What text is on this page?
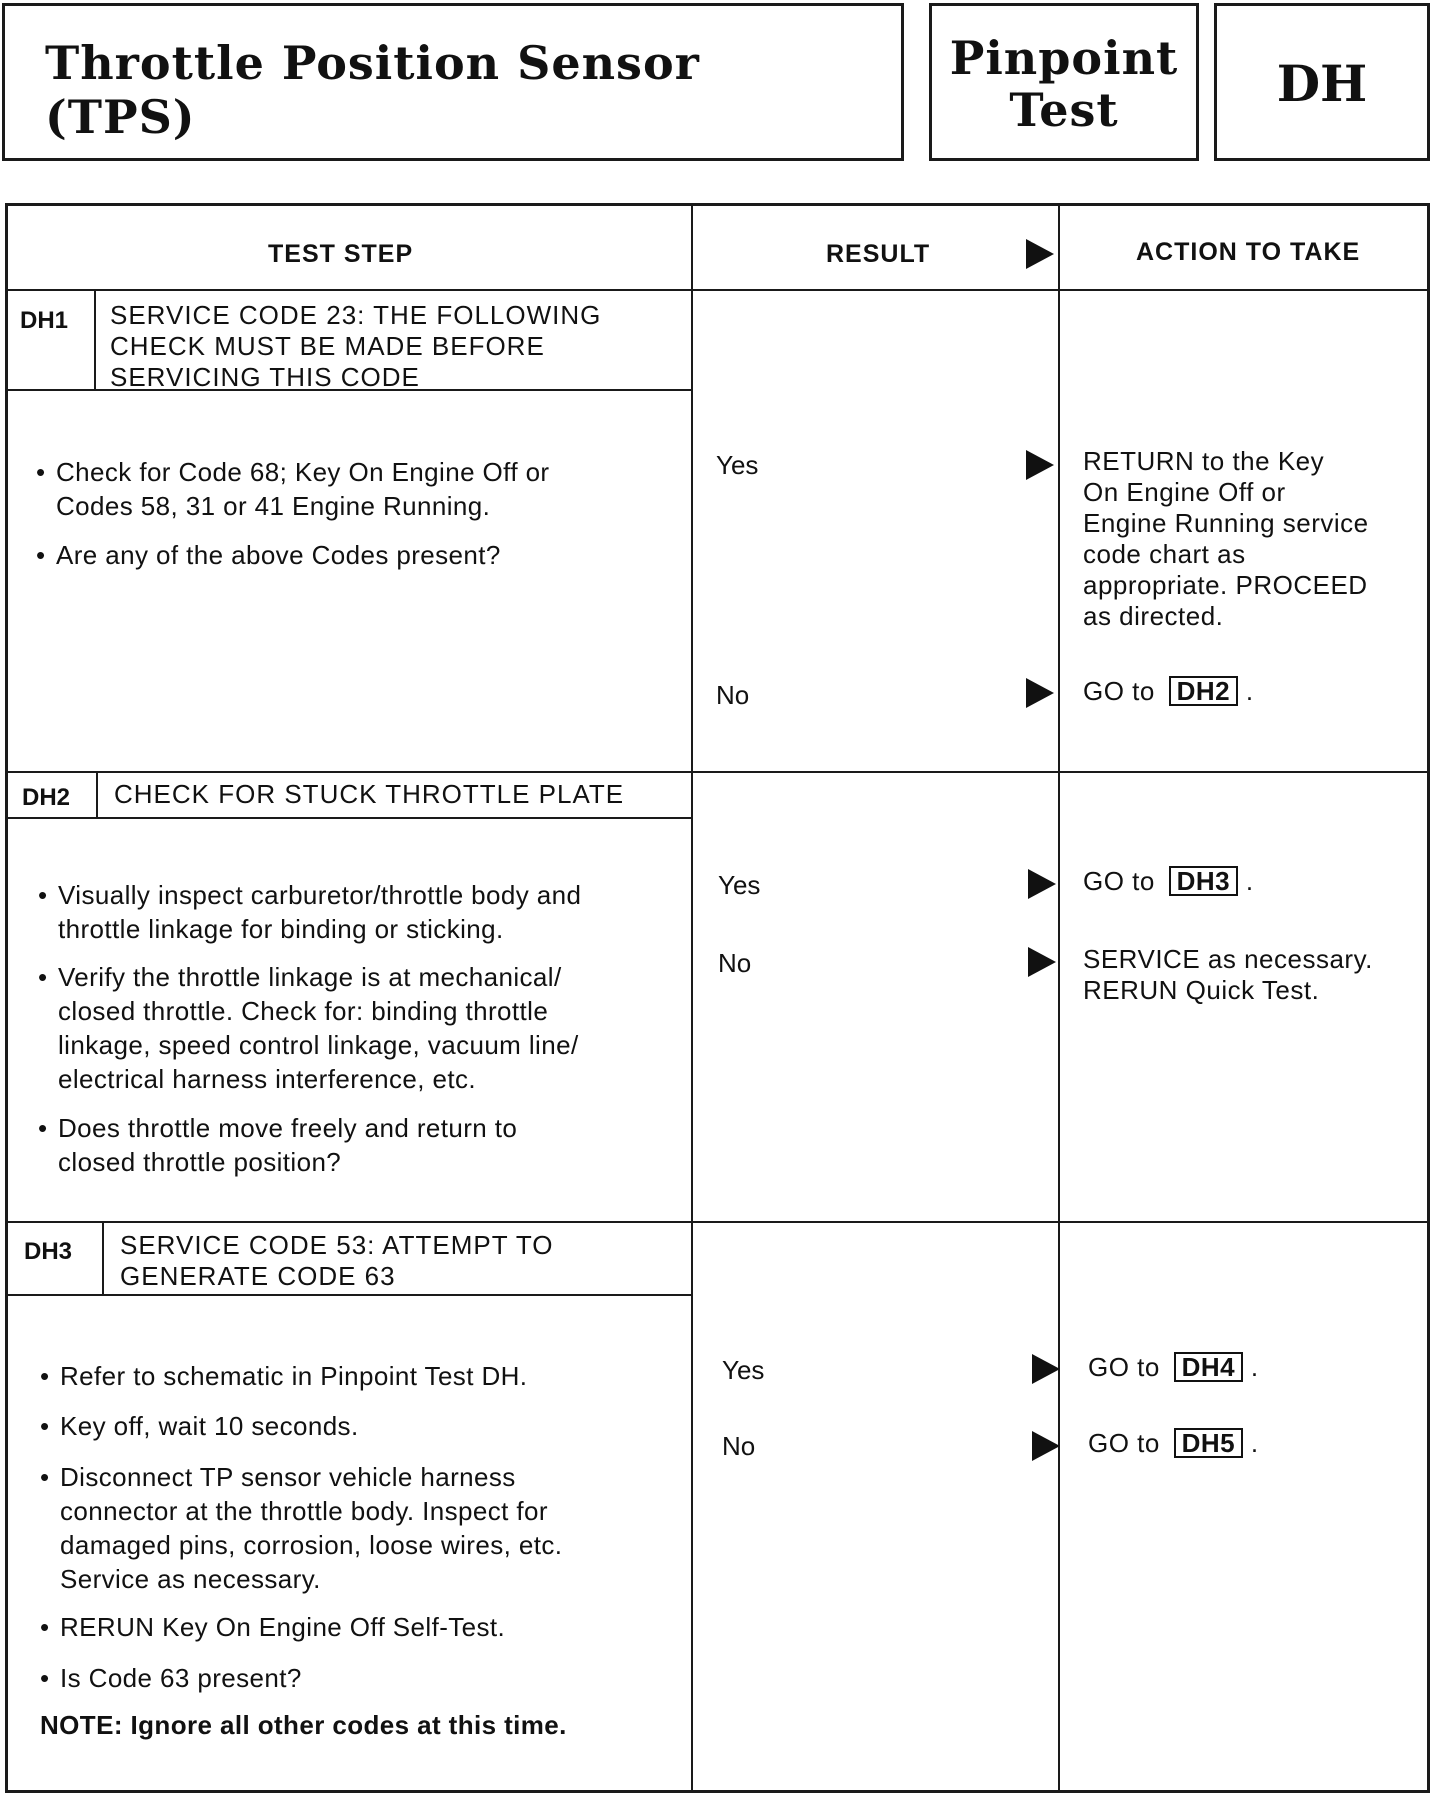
Throttle Position Sensor
(TPS)
Pinpoint
Test	DH
TEST STEP	RESULT	ACTION TO TAKE
DH1 SERVICE CODE 23: THE FOLLOWING
CHECK MUST BE MADE BEFORE
SERVICING THIS CODE
• Check for Code 68; Key On Engine Off or
Codes 58, 31 or 41 Engine Running.
• Are any of the above Codes present?
Yes	RETURN to the Key
On Engine Off or
Engine Running service
code chart as
appropriate. PROCEED
as directed.
No	GO to DH2 .
DH2 CHECK FOR STUCK THROTTLE PLATE
• Visually inspect carburetor/throttle body and
throttle linkage for binding or sticking.
• Verify the throttle linkage is at mechanical/
closed throttle. Check for: binding throttle
linkage, speed control linkage, vacuum line/
electrical harness interference, etc.
• Does throttle move freely and return to
closed throttle position?
Yes	GO to DH3 .
No	SERVICE as necessary.
RERUN Quick Test.
DH3 SERVICE CODE 53: ATTEMPT TO
GENERATE CODE 63
• Refer to schematic in Pinpoint Test DH.
• Key off, wait 10 seconds.
• Disconnect TP sensor vehicle harness
connector at the throttle body. Inspect for
damaged pins, corrosion, loose wires, etc.
Service as necessary.
• RERUN Key On Engine Off Self-Test.
• Is Code 63 present?
NOTE: Ignore all other codes at this time.
Yes	GO to DH4 .
No	GO to DH5 .
